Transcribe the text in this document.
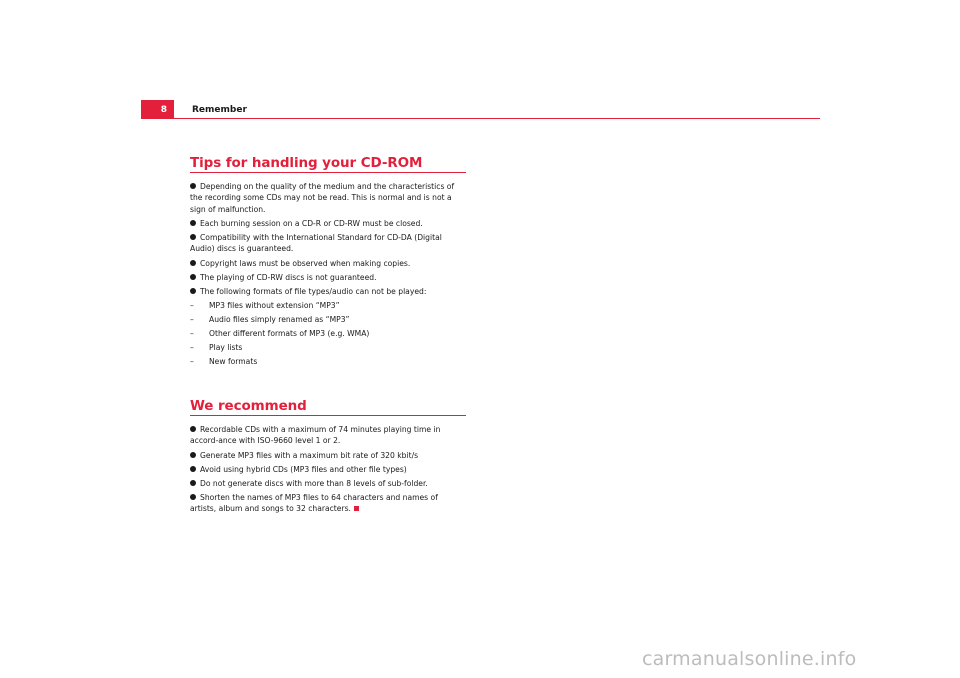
8	Remember
Tips for handling your CD-ROM
Depending on the quality of the medium and the characteristics of the recording some CDs may not be read. This is normal and is not a sign of malfunction.
Each burning session on a CD-R or CD-RW must be closed.
Compatibility with the International Standard for CD-DA (Digital Audio) discs is guaranteed.
Copyright laws must be observed when making copies.
The playing of CD-RW discs is not guaranteed.
The following formats of file types/audio can not be played:
– MP3 files without extension “MP3”
– Audio files simply renamed as “MP3”
– Other different formats of MP3 (e.g. WMA)
– Play lists
– New formats
We recommend
Recordable CDs with a maximum of 74 minutes playing time in accord-ance with ISO-9660 level 1 or 2.
Generate MP3 files with a maximum bit rate of 320 kbit/s
Avoid using hybrid CDs (MP3 files and other file types)
Do not generate discs with more than 8 levels of sub-folder.
Shorten the names of MP3 files to 64 characters and names of artists, album and songs to 32 characters.
carmanualsonline.info
